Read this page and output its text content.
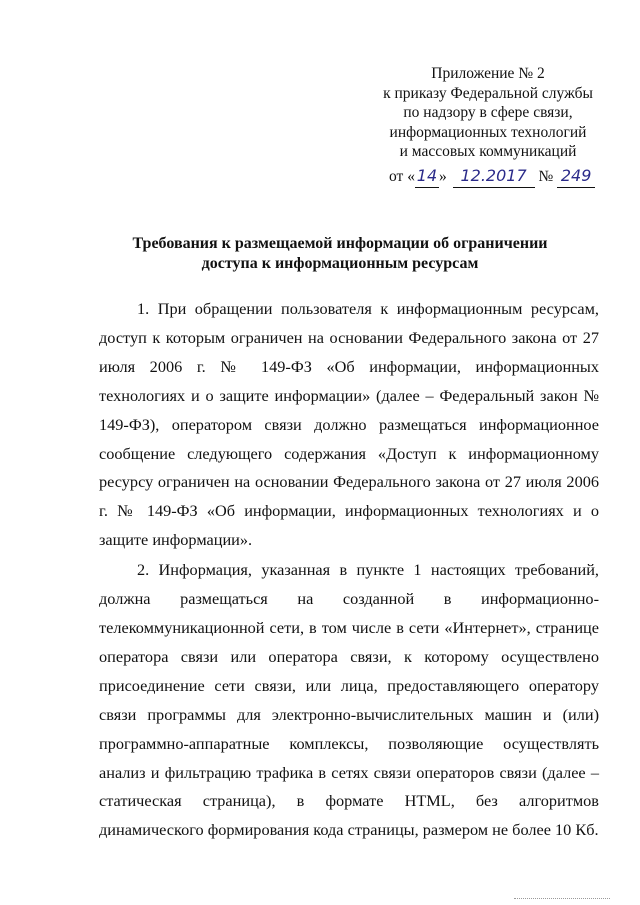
Приложение № 2
к приказу Федеральной службы
по надзору в сфере связи,
информационных технологий
и массовых коммуникаций
от « 14 » 12.2017 № 249
Требования к размещаемой информации об ограничении
доступа к информационным ресурсам

1. При обращении пользователя к информационным ресурсам, доступ к которым ограничен на основании Федерального закона от 27 июля 2006 г. № 149-ФЗ «Об информации, информационных технологиях и о защите информации» (далее – Федеральный закон № 149-ФЗ), оператором связи должно размещаться информационное сообщение следующего содержания «Доступ к информационному ресурсу ограничен на основании Федерального закона от 27 июля 2006 г. № 149-ФЗ «Об информации, информационных технологиях и о защите информации».

2. Информация, указанная в пункте 1 настоящих требований, должна размещаться на созданной в информационно-телекоммуникационной сети, в том числе в сети «Интернет», странице оператора связи или оператора связи, к которому осуществлено присоединение сети связи, или лица, предоставляющего оператору связи программы для электронно-вычислительных машин и (или) программно-аппаратные комплексы, позволяющие осуществлять анализ и фильтрацию трафика в сетях связи операторов связи (далее – статическая страница), в формате HTML, без алгоритмов динамического формирования кода страницы, размером не более 10 Кб.
